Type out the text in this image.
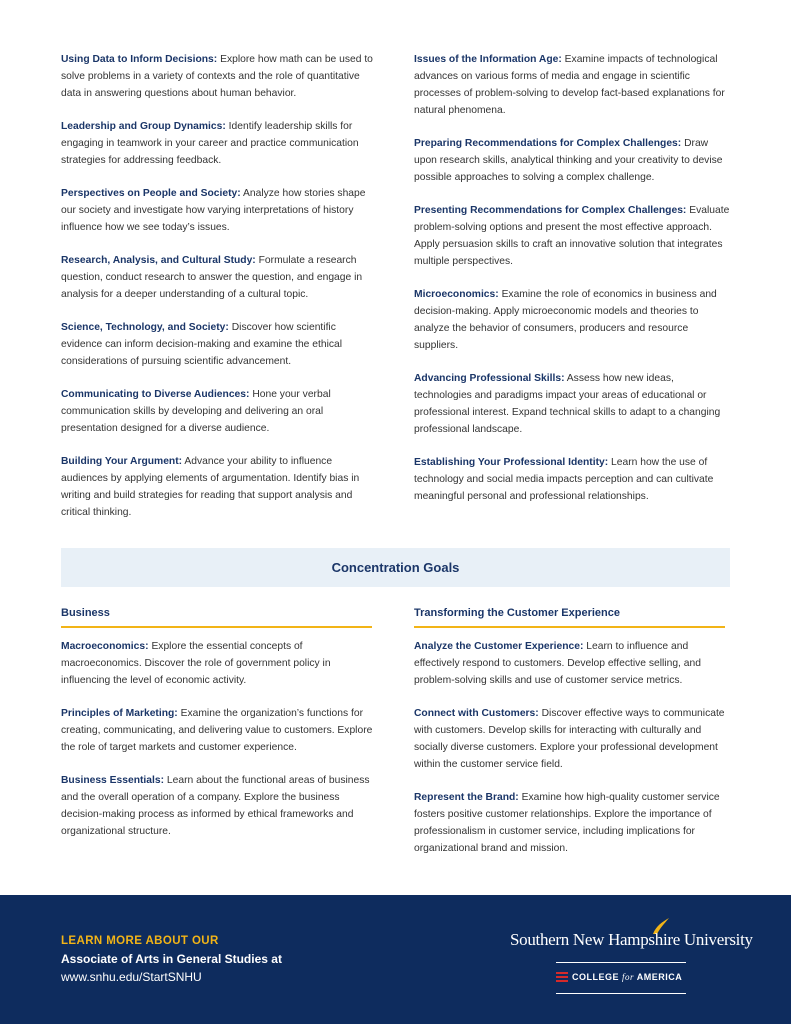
Using Data to Inform Decisions: Explore how math can be used to solve problems in a variety of contexts and the role of quantitative data in answering questions about human behavior.
Leadership and Group Dynamics: Identify leadership skills for engaging in teamwork in your career and practice communication strategies for addressing feedback.
Perspectives on People and Society: Analyze how stories shape our society and investigate how varying interpretations of history influence how we see today’s issues.
Research, Analysis, and Cultural Study: Formulate a research question, conduct research to answer the question, and engage in analysis for a deeper understanding of a cultural topic.
Science, Technology, and Society: Discover how scientific evidence can inform decision-making and examine the ethical considerations of pursuing scientific advancement.
Communicating to Diverse Audiences: Hone your verbal communication skills by developing and delivering an oral presentation designed for a diverse audience.
Building Your Argument: Advance your ability to influence audiences by applying elements of argumentation. Identify bias in writing and build strategies for reading that support analysis and critical thinking.
Issues of the Information Age: Examine impacts of technological advances on various forms of media and engage in scientific processes of problem-solving to develop fact-based explanations for natural phenomena.
Preparing Recommendations for Complex Challenges: Draw upon research skills, analytical thinking and your creativity to devise possible approaches to solving a complex challenge.
Presenting Recommendations for Complex Challenges: Evaluate problem-solving options and present the most effective approach. Apply persuasion skills to craft an innovative solution that integrates multiple perspectives.
Microeconomics: Examine the role of economics in business and decision-making. Apply microeconomic models and theories to analyze the behavior of consumers, producers and resource suppliers.
Advancing Professional Skills: Assess how new ideas, technologies and paradigms impact your areas of educational or professional interest. Expand technical skills to adapt to a changing professional landscape.
Establishing Your Professional Identity: Learn how the use of technology and social media impacts perception and can cultivate meaningful personal and professional relationships.
Concentration Goals
Business
Macroeconomics: Explore the essential concepts of macroeconomics. Discover the role of government policy in influencing the level of economic activity.
Principles of Marketing: Examine the organization’s functions for creating, communicating, and delivering value to customers. Explore the role of target markets and customer experience.
Business Essentials: Learn about the functional areas of business and the overall operation of a company. Explore the business decision-making process as informed by ethical frameworks and organizational structure.
Transforming the Customer Experience
Analyze the Customer Experience: Learn to influence and effectively respond to customers. Develop effective selling, and problem-solving skills and use of customer service metrics.
Connect with Customers: Discover effective ways to communicate with customers. Develop skills for interacting with culturally and socially diverse customers. Explore your professional development within the customer service field.
Represent the Brand: Examine how high-quality customer service fosters positive customer relationships. Explore the importance of professionalism in customer service, including implications for organizational brand and mission.
LEARN MORE ABOUT OUR
Associate of Arts in General Studies at
www.snhu.edu/StartSNHU
Southern New Hampshire University
COLLEGE for AMERICA
